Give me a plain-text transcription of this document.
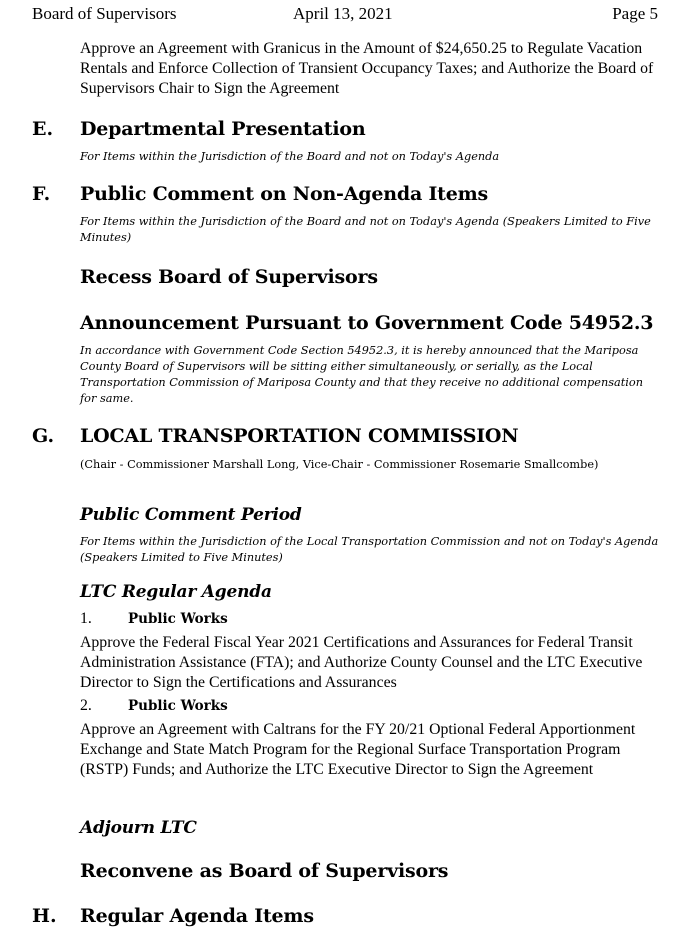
Board of Supervisors	April 13, 2021	Page 5
Approve an Agreement with Granicus in the Amount of $24,650.25 to Regulate Vacation Rentals and Enforce Collection of Transient Occupancy Taxes; and Authorize the Board of Supervisors Chair to Sign the Agreement
E. Departmental Presentation
For Items within the Jurisdiction of the Board and not on Today's Agenda
F. Public Comment on Non-Agenda Items
For Items within the Jurisdiction of the Board and not on Today's Agenda (Speakers Limited to Five Minutes)
Recess Board of Supervisors
Announcement Pursuant to Government Code 54952.3
In accordance with Government Code Section 54952.3, it is hereby announced that the Mariposa County Board of Supervisors will be sitting either simultaneously, or serially, as the Local Transportation Commission of Mariposa County and that they receive no additional compensation for same.
G. LOCAL TRANSPORTATION COMMISSION
(Chair - Commissioner Marshall Long, Vice-Chair - Commissioner Rosemarie Smallcombe)
Public Comment Period
For Items within the Jurisdiction of the Local Transportation Commission and not on Today's Agenda (Speakers Limited to Five Minutes)
LTC Regular Agenda
1.	Public Works
Approve the Federal Fiscal Year 2021 Certifications and Assurances for Federal Transit Administration Assistance (FTA); and Authorize County Counsel and the LTC Executive Director to Sign the Certifications and Assurances
2.	Public Works
Approve an Agreement with Caltrans for the FY 20/21 Optional Federal Apportionment Exchange and State Match Program for the Regional Surface Transportation Program (RSTP) Funds; and Authorize the LTC Executive Director to Sign the Agreement
Adjourn LTC
Reconvene as Board of Supervisors
H. Regular Agenda Items
